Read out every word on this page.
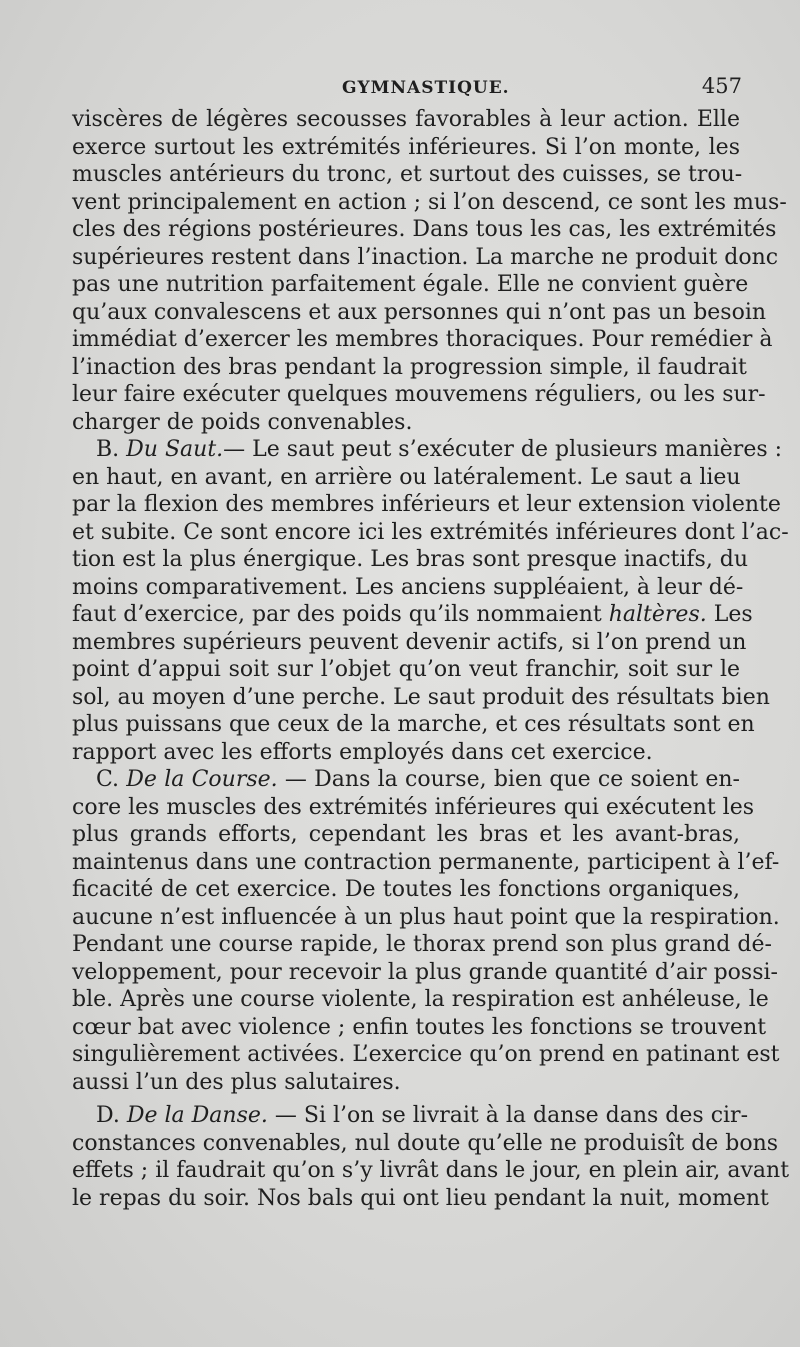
GYMNASTIQUE.	457
viscères de légères secousses favorables à leur action. Elle
exerce surtout les extrémités inférieures. Si l’on monte, les
muscles antérieurs du tronc, et surtout des cuisses, se trou-
vent principalement en action ; si l’on descend, ce sont les mus-
cles des régions postérieures. Dans tous les cas, les extrémités
supérieures restent dans l’inaction. La marche ne produit donc
pas une nutrition parfaitement égale. Elle ne convient guère
qu’aux convalescens et aux personnes qui n’ont pas un besoin
immédiat d’exercer les membres thoraciques. Pour remédier à
l’inaction des bras pendant la progression simple, il faudrait
leur faire exécuter quelques mouvemens réguliers, ou les sur-
charger de poids convenables.
B. Du Saut.— Le saut peut s’exécuter de plusieurs manières :
en haut, en avant, en arrière ou latéralement. Le saut a lieu
par la flexion des membres inférieurs et leur extension violente
et subite. Ce sont encore ici les extrémités inférieures dont l’ac-
tion est la plus énergique. Les bras sont presque inactifs, du
moins comparativement. Les anciens suppléaient, à leur dé-
faut d’exercice, par des poids qu’ils nommaient haltères. Les
membres supérieurs peuvent devenir actifs, si l’on prend un
point d’appui soit sur l’objet qu’on veut franchir, soit sur le
sol, au moyen d’une perche. Le saut produit des résultats bien
plus puissans que ceux de la marche, et ces résultats sont en
rapport avec les efforts employés dans cet exercice.
C. De la Course. — Dans la course, bien que ce soient en-
core les muscles des extrémités inférieures qui exécutent les
plus grands efforts, cependant les bras et les avant-bras,
maintenus dans une contraction permanente, participent à l’ef-
ficacité de cet exercice. De toutes les fonctions organiques,
aucune n’est influencée à un plus haut point que la respiration.
Pendant une course rapide, le thorax prend son plus grand dé-
veloppement, pour recevoir la plus grande quantité d’air possi-
ble. Après une course violente, la respiration est anhéleuse, le
cœur bat avec violence ; enfin toutes les fonctions se trouvent
singulièrement activées. L’exercice qu’on prend en patinant est
aussi l’un des plus salutaires.
D. De la Danse. — Si l’on se livrait à la danse dans des cir-
constances convenables, nul doute qu’elle ne produisît de bons
effets ; il faudrait qu’on s’y livrât dans le jour, en plein air, avant
le repas du soir. Nos bals qui ont lieu pendant la nuit, moment
